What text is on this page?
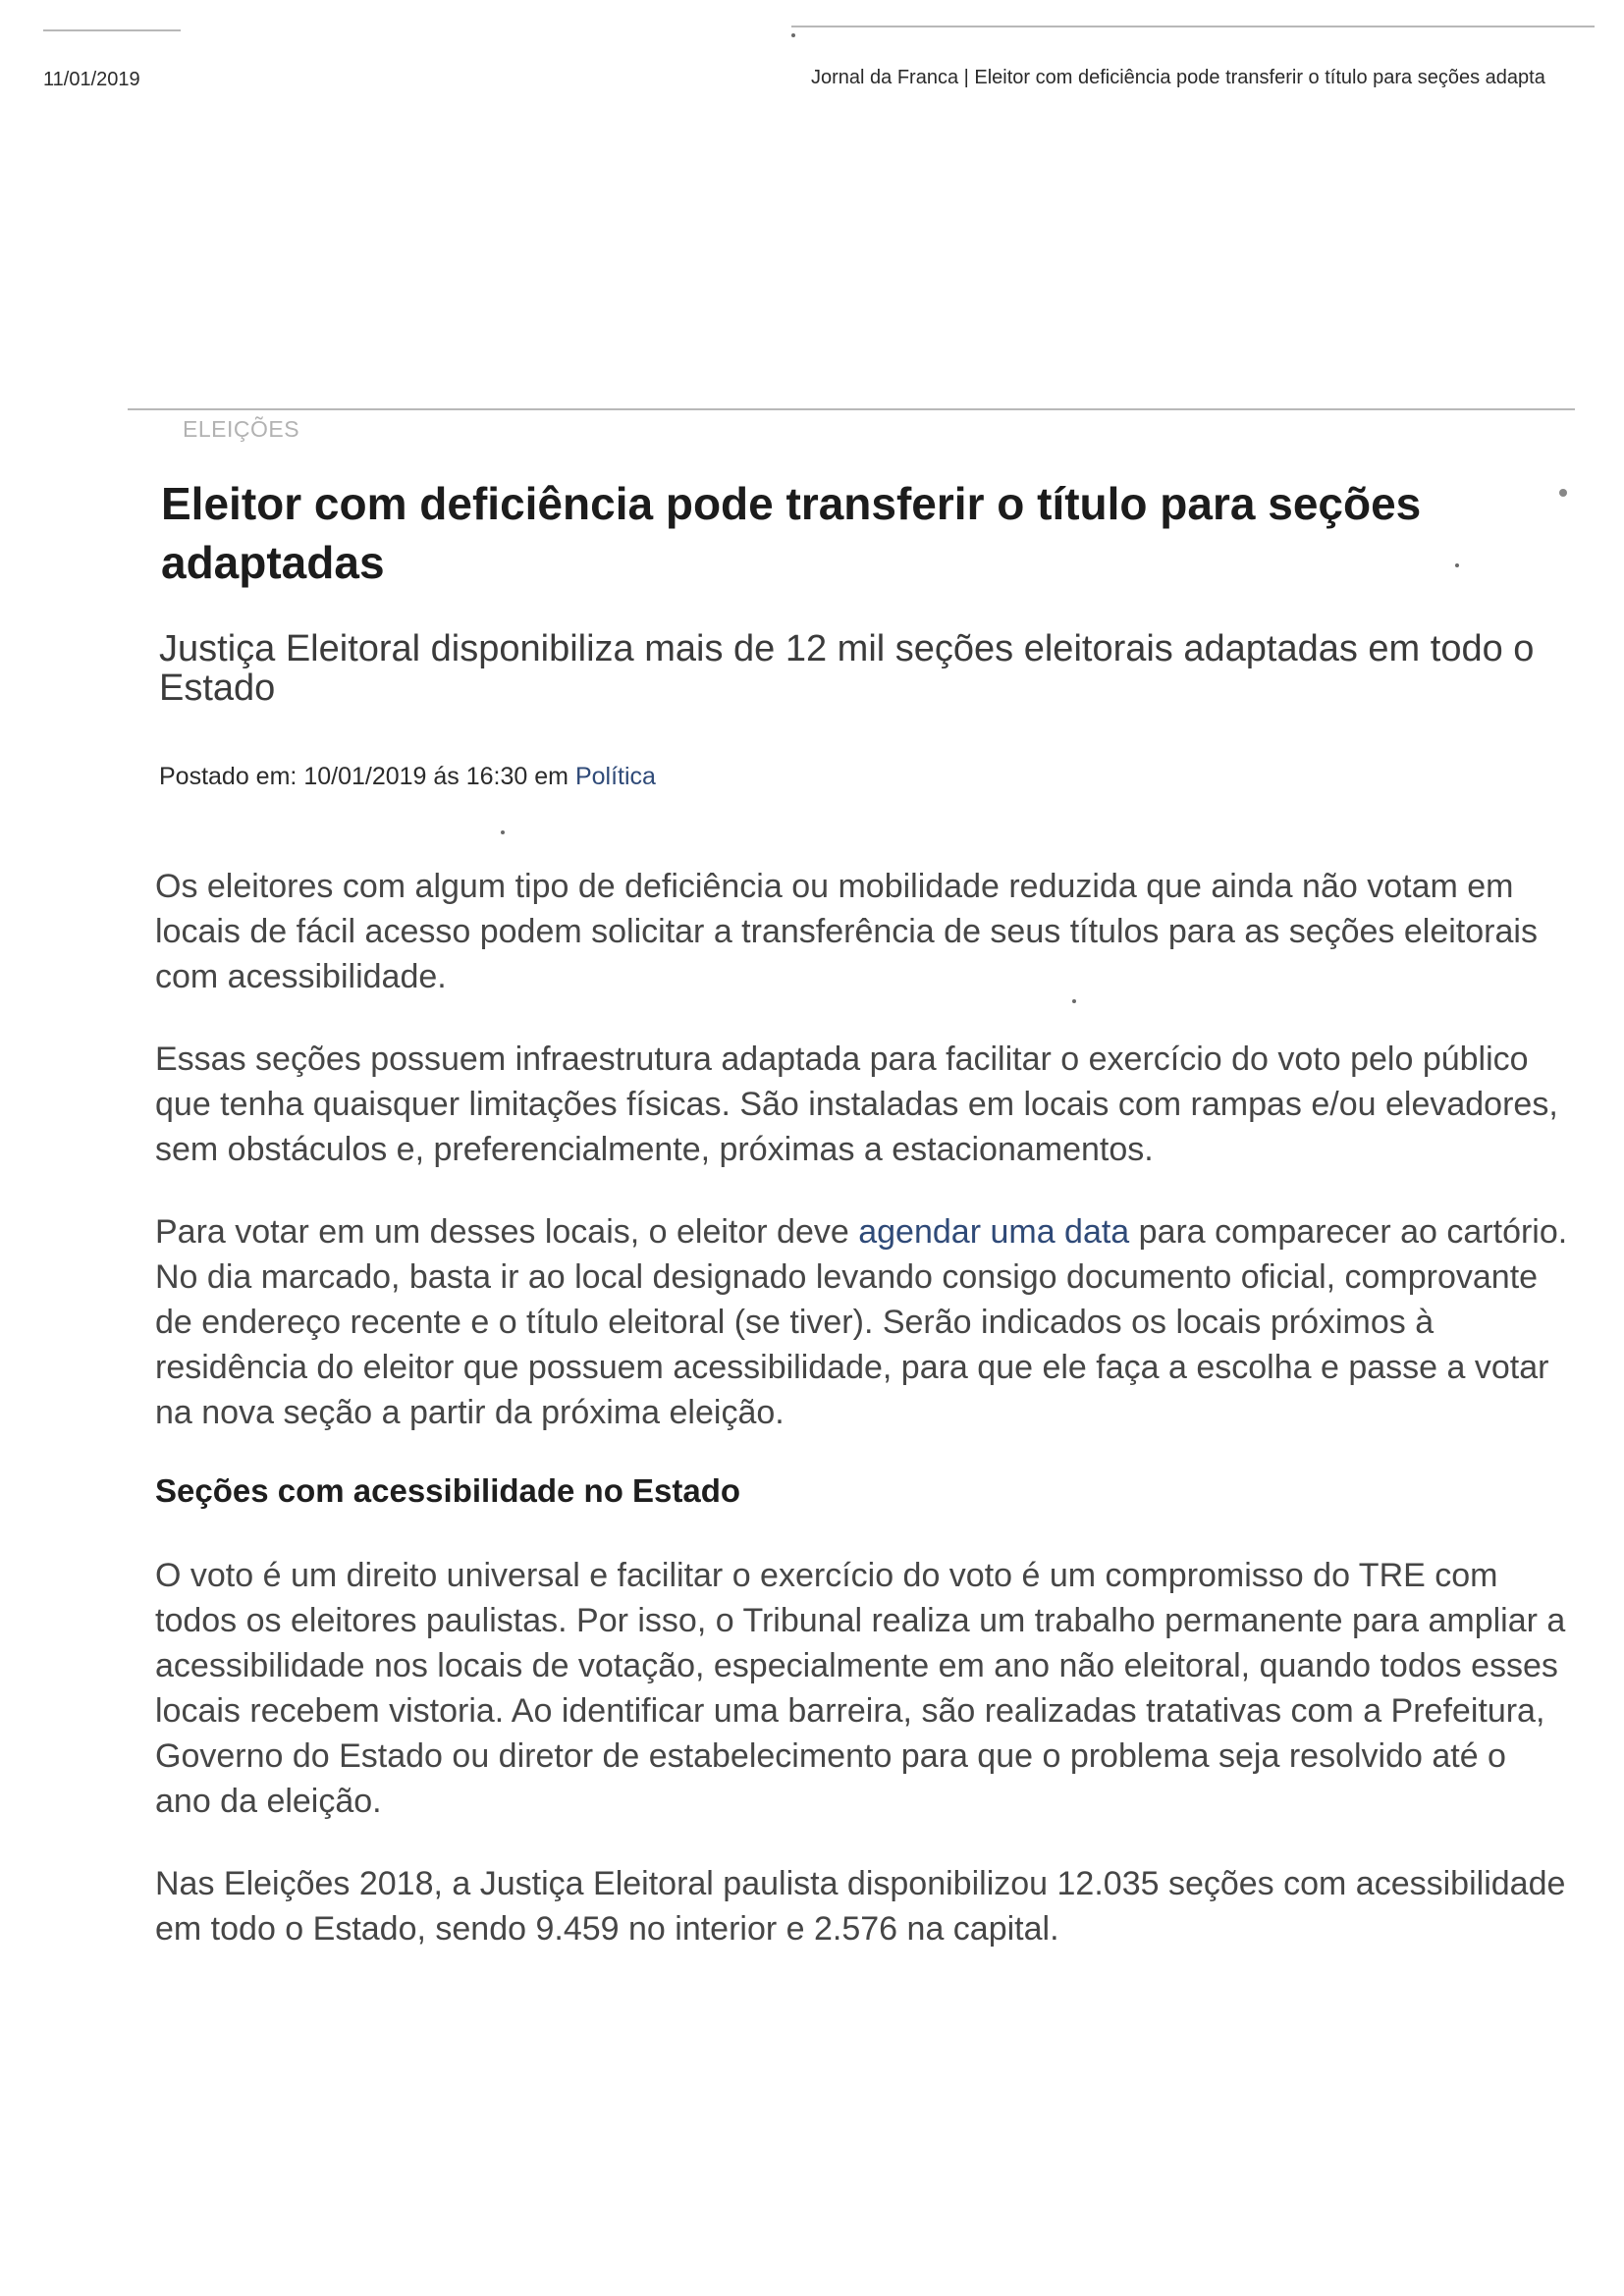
11/01/2019	Jornal da Franca | Eleitor com deficiência pode transferir o título para seções adapta
ELEIÇÕES
Eleitor com deficiência pode transferir o título para seções adaptadas
Justiça Eleitoral disponibiliza mais de 12 mil seções eleitorais adaptadas em todo o Estado
Postado em: 10/01/2019 ás 16:30 em Política

Os eleitores com algum tipo de deficiência ou mobilidade reduzida que ainda não votam em locais de fácil acesso podem solicitar a transferência de seus títulos para as seções eleitorais com acessibilidade.

Essas seções possuem infraestrutura adaptada para facilitar o exercício do voto pelo público que tenha quaisquer limitações físicas. São instaladas em locais com rampas e/ou elevadores, sem obstáculos e, preferencialmente, próximas a estacionamentos.

Para votar em um desses locais, o eleitor deve agendar uma data para comparecer ao cartório. No dia marcado, basta ir ao local designado levando consigo documento oficial, comprovante de endereço recente e o título eleitoral (se tiver). Serão indicados os locais próximos à residência do eleitor que possuem acessibilidade, para que ele faça a escolha e passe a votar na nova seção a partir da próxima eleição.

Seções com acessibilidade no Estado

O voto é um direito universal e facilitar o exercício do voto é um compromisso do TRE com todos os eleitores paulistas. Por isso, o Tribunal realiza um trabalho permanente para ampliar a acessibilidade nos locais de votação, especialmente em ano não eleitoral, quando todos esses locais recebem vistoria. Ao identificar uma barreira, são realizadas tratativas com a Prefeitura, Governo do Estado ou diretor de estabelecimento para que o problema seja resolvido até o ano da eleição.

Nas Eleições 2018, a Justiça Eleitoral paulista disponibilizou 12.035 seções com acessibilidade em todo o Estado, sendo 9.459 no interior e 2.576 na capital.
